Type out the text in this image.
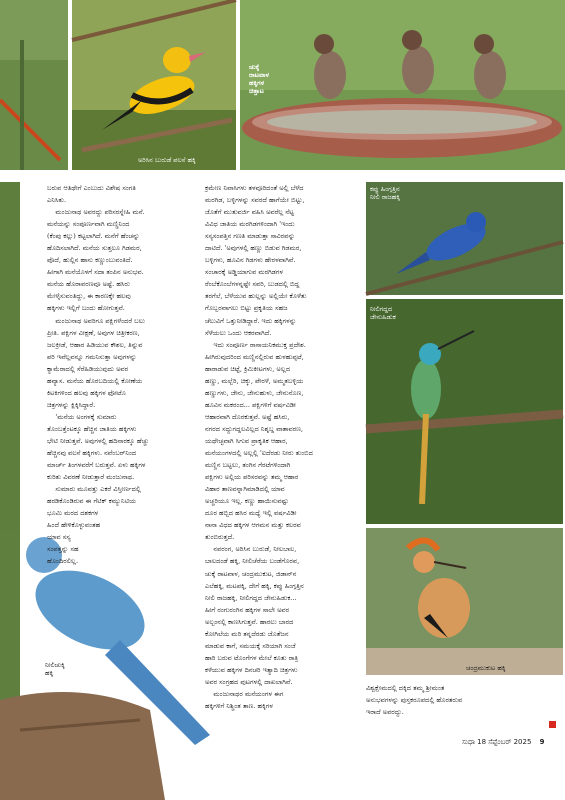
ಅರಿಸಿನ ಬುರುಡೆ ಪಲಸೆ ಹಕ್ಕಿ
ಚುಕ್ಕೆ
ರಾಟವಾಳ
ಹಕ್ಕಿಗಳ
ಚಿತ್ತಾಟ
ಕಪ್ಪು ಹಿಂಗ್ಗತ್ತಿನ
ನೀಲಿ ರಾಜಹಕ್ಕಿ
ನೀಲಿಗದ್ದದ
ಜೇನುಹಿಡುಕ
ಚಂದ್ರಮುಕುಟ ಹಕ್ಕಿ
ನೀಲಿಚುಕ್ಕಿ
ಹಕ್ಕಿ
ಬರುವ ಆತಿಥೇಗೆ ಎಂಬುದು ವಿಶೇಷ ಸಂಗತಿ
ಎನಿಸಿತು.
ಮಂಜುನಾಥ ಅವರದ್ದು ಪರಿಸರಸ್ನೇಹಿ ಮನೆ.
ಮನೆಯನ್ನು ಸಂಪೂರ್ಣವಾಗಿ ಮಣ್ಣಿನಿಂದ
(ಕೆಂಪು ಕಲ್ಲು) ಕಟ್ಟಲಾಗಿದೆ. ಮನೆಗೆ ಹೆಂಚನ್ನು
ಹೊದಿಸಲಾಗಿದೆ. ಮನೆಯ ಸುತ್ತಲೂ ಗಿಡಮರ,
ಪೊದೆ, ಹುಲ್ಲಿನ ಹಾಸು ಕಣ್ಣುಂಬುವಂತಿದೆ.
ಹೀಗಾಗಿ ಮನೆಯೊಳಗೆ ಸದಾ ತಂಪಿನ ಅನುಭವ.
ಮನೆಯ ಹೊರಾವರಣವೂ ಅಷ್ಟೆ. ಹಸಿರು
ಮೇಳೈಸುವಂತಿದ್ದು, ಈ ಕಾರಣಕ್ಕೇ ಹಲವು
ಹಕ್ಕಿಗಳು ಇಲ್ಲಿಗೆ ಬಂದು ಹೋಗುತ್ತವೆ.
ಮಂಜುನಾಥ ಅವರಿಗೂ ಪಕ್ಷಿಗಳೆಂದರೆ ಬಲು
ಪ್ರೀತಿ. ಪಕ್ಷಿಗಳ ವೀಕ್ಷಣೆ, ಅವುಗಳ ಚಿತ್ರೀಕರಣ,
ಜಲಕ್ರೀಡೆ, ಆಹಾರ ಹಿಡಿಯುವ ಕೌಶಲ, ತಿನ್ನುವ
ಪರಿ ಇವೆಲ್ಲವನ್ನೂ ಗಮನಿಸುತ್ತಾ ಅವುಗಳನ್ನು
ಕ್ಯಾಮೆರಾದಲ್ಲಿ ಸೆರೆಹಿಡಿಯುವುದು ಅವರ
ಹವ್ಯಾಸ. ಮನೆಯ ಹೊರಬದಿಯಲ್ಲಿ ಕೋಣೆಯ
ಕಿಟಕಿಗಳಿಂದ ಹಲವು ಹಕ್ಕಿಗಳ ಫೋಟೊ
ಚಿತ್ರಗಳನ್ನು ಕ್ಲಿಕ್ಕಿಸಿದ್ದಾರೆ.
'ಮನೆಯ ಅಂಗಳಕ್ಕೆ ಸುಮಾರು
ತೊಂಬತ್ತೆಂಟಕ್ಕೂ ಹೆಚ್ಚಿನ ಜಾತಿಯ ಹಕ್ಕಿಗಳು
ಭೇಟಿ ನೀಡುತ್ತವೆ. ಅವುಗಳಲ್ಲಿ ಹದಿನಾರಕ್ಕೂ ಹೆಚ್ಚು
ಹೆಚ್ಚಿನವು ವಲಸೆ ಹಕ್ಕಿಗಳು. ನವೆಂಬರ್‌ನಿಂದ
ಮಾರ್ಚ್ ತಿಂಗಳವರೆಗೆ ಬರುತ್ತವೆ. ಏಳು ಹಕ್ಕಿಗಳ
ಕುರಿತು ವಿವರಣೆ ನೀಡುತ್ತಾರೆ ಮಂಜುನಾಥ.
ಸುಮಾರು ಮೂವತ್ತು ಎಕರೆ ವಿಸ್ತೀರ್ಣದಲ್ಲಿ
ಹರಡಿಕೊಂಡಿರುವ ಈ ಗೆಟಿಕ್ ಕಮ್ಯುನಿಟಿಯ
ಭೂಮಿ ಮರದ ದಶಕಗಳ
ಹಿಂದೆ ಹೇಳಿಕೊಳ್ಳುವಂತಹ
ಯಾವ ಸಸ್ಯ
ಸಂಪತ್ತನ್ನು ಸಹ
ಹೊಂದಿರಲಿಲ್ಲ.
ಕ್ರಮೇಣ ನಿವಾಸಿಗಳು ತಳವೂರಿದಂತೆ ಅಲ್ಲಿ ಬೆಳೆದ
ಮರಗಿಡ, ಬಳ್ಳಿಗಳನ್ನು ಸವರದೆ ಹಾಗೆಯೇ ಬಿಟ್ಟು,
ಜೊತೆಗೆ ಮುತುವರ್ಜಿ ವಹಿಸಿ ಅವರೆಲ್ಲ ನೆಟ್ಟ
ವಿವಿಧ ಜಾತಿಯ ಮರಗಿಡಗಳಿಂದಾಗಿ 'ಇಂದು
ಸಸ್ಯಸಂಪತ್ತಿನ ಗಣತಿ ಮಾಡುತ್ತಾ ಸಾವಿರವನ್ನು
ದಾಟಿದೆ. 'ಅವುಗಳಲ್ಲಿ ಹಣ್ಣು ಬಿಡುವ ಗಿಡಮರ,
ಬಳ್ಳಿಗಳು, ಹೂವಿನ ಗಿಡಗಳು ಹೇರಳವಾಗಿವೆ.
ಸಂಚಾರಕ್ಕೆ ಅಡ್ಡಿಯಾಗುವ ಮರಗಿಡಗಳ
ರೆಂಬೆಕೊಂಬೆಗಳನ್ನಷ್ಟೇ ಸವರಿ, ಬುಡದಲ್ಲಿ ಬಿದ್ದ
ತರಗೆಲೆ, ಬೆಳೆಯುವ ಹುಲ್ಲನ್ನು ಅಲ್ಲಿಯೇ ಕೊಳೆತು
ಗೊಬ್ಬರವಾಗಲು ಬಿಟ್ಟು ಪ್ರಕೃತಿಯ ಸಹಜ
ಚೆಲುವಿಗೆ ಒತ್ತುನೀಡಿದ್ದಾರೆ. ಇದು ಹಕ್ಕಿಗಳನ್ನು
ಸೆಳೆಯಲು ಒಂದು ಆಕರವಾಗಿದೆ.
ಇದು ಸಂಪೂರ್ಣ ರಾಸಾಯನಿಕಮುಕ್ತ ಪ್ರದೇಶ.
ಹೀಗಿರುವುದರಿಂದ ಮಣ್ಣಿನಲ್ಲಿರುವ ಹುಳಹುಪ್ಪಟೆ,
ಹಾರಾಡುವ ಚಿಟ್ಟೆ, ಕ್ರಿಮಿಕೀಟಗಳು, ಅಲ್ಲದ
ಹಣ್ಣು, ಮಲ್ಬೆರಿ, ಚಿಕ್ಕು, ಪೇರಳೆ, ಅಮ್ಮತಬಳ್ಳಿಯ
ಹಣ್ಣುಗಳು, ಜೇನು, ಜೇನುಹುಳು, ಜೇನುನೊಣ,
ಹೂವಿನ ಮಕರಂದ... ಪಕ್ಷಿಗಳಿಗೆ ವರ್ಷವಿಡೀ
ಆಹಾರವಾಗಿ ದೊರಕುತ್ತವೆ. ಅಷ್ಟೆ ಹಸಿರು,
ನಗರದ ಸದ್ದುಗದ್ದಲವಿಲ್ಲದ ನಿಶ್ಶಬ್ದ ವಾತಾವರಣ,
ಯಥೇಚ್ಛವಾಗಿ ಸಿಗುವ ಪ್ರಾಕೃತಿಕ ಆಹಾರ,
ಮನೆಯಂಗಳದಲ್ಲಿ ಅಲ್ಲಲ್ಲಿ 'ಐದೆರಡು ನೀರು ತುಂಬಿದ
ಮಣ್ಣಿನ ಬಟ್ಟಲು, ತಂಗಿನ ಗೆರಟೆಗಳಿಂದಾಗಿ
ಪಕ್ಷಿಗಳು ಅಲ್ಲಿಯ ಪರಿಸರವನ್ನು ತಮ್ಮ ಆಹಾರ
ವಿಹಾರ ತಾಣವನ್ನಾಗಿಮಾಡಿದಲ್ಲಿ ಯಾವ
ಅಚ್ಚರಿಯೂ ಇಲ್ಲ. ಕಣ್ಣು ಹಾಯಿಸುವಷ್ಟು
ದೂರ ಹಬ್ಬಿದ ಹಸಿರ ಮಧ್ಯೆ ಇಲ್ಲಿ ವರ್ಷವಿಡೀ
ನಾನಾ ವಿಧದ ಹಕ್ಕಿಗಳ ಆಗಮನ ಮತ್ತು ಕಲರವ
ತುಂಬಿರುತ್ತದೆ.
ನವರಂಗ, ಅರಿಸಿನ ಬುರುಡೆ, ನೀಲಬಾಲ,
ಬಾಲದಂಡೆ ಹಕ್ಕಿ, ನೀಲಿಚೆರೆಯ ಬಂಡೆಗೊರವ,
ಚುಕ್ಕೆ ರಾಟವಾಳ, ಚಂದ್ರಮುಕುಟ, ಜಿಡಾನ್‌ನ
ಎಲೆಹಕ್ಕಿ, ಮಟಪಕ್ಕಿ, ದೇಗೆ ಹಕ್ಕಿ, ಕಪ್ಪು ಹಿಂಗ್ಗತ್ತಿನ
ನೀಲಿ ರಾಜಹಕ್ಕಿ, ನೀಲಿಗದ್ದದ ಜೇನುಹಿಡುಕ...
ಹೀಗೆ ರಂಗುರಂಗಿನ ಹಕ್ಕಿಗಳ ಸಾಲೇ ಅವರ
ಅಲ್ಬಂನಲ್ಲಿ ಕಾಣಸಿಗುತ್ತವೆ. ಹಾರಲು ಬಾರದ
ಕೋಗಿಲೆಯ ಮರಿ ತನ್ನದೆರಡು ಜೊತೆಜನ
ಮಾಡುವ ಕಾಗೆ, ಸಮಯಕ್ಕೆ ಸರಿಯಾಗಿ ಸಂಜೆ
ಹಾರಿ ಬರುವ ಟೊಂಗೆಗಳ ಮೇಲೆ ಕೂತು ರಾತ್ರಿ
ಕಳೆಯುವ ಹಕ್ಕಿಗಳ ದಿನಚರಿ ಇತ್ಯಾದಿ ಚಿತ್ರಗಳು
ಅವರ ಸಂಗ್ರಹದ ಪುಟಗಳಲ್ಲಿ ದಾಖಲಾಗಿವೆ.
ಮಂಜುನಾಥರ ಮನೆಯಂಗಳ ಈಗ
ಹಕ್ಕಿಗಳಿಗೆ ನಿಶ್ಚಿಂತ ತಾಣ. ಹಕ್ಕಿಗಳ
ವಿಶ್ವಕ್ಷೇಮದಲ್ಲಿ ದಕ್ಕಿದ ತಮ್ಮ ಶ್ರೀಮಂತ
ಅನುಭವಗಳನ್ನು ಪುಸ್ತಕರೂಪದಲ್ಲಿ ಹೊರತರುವ
ಇರಾದೆ ಅವರದ್ದು.
ಸುಧಾ 18 ಸೆಪ್ಟೆಂಬರ್ 2025 9
